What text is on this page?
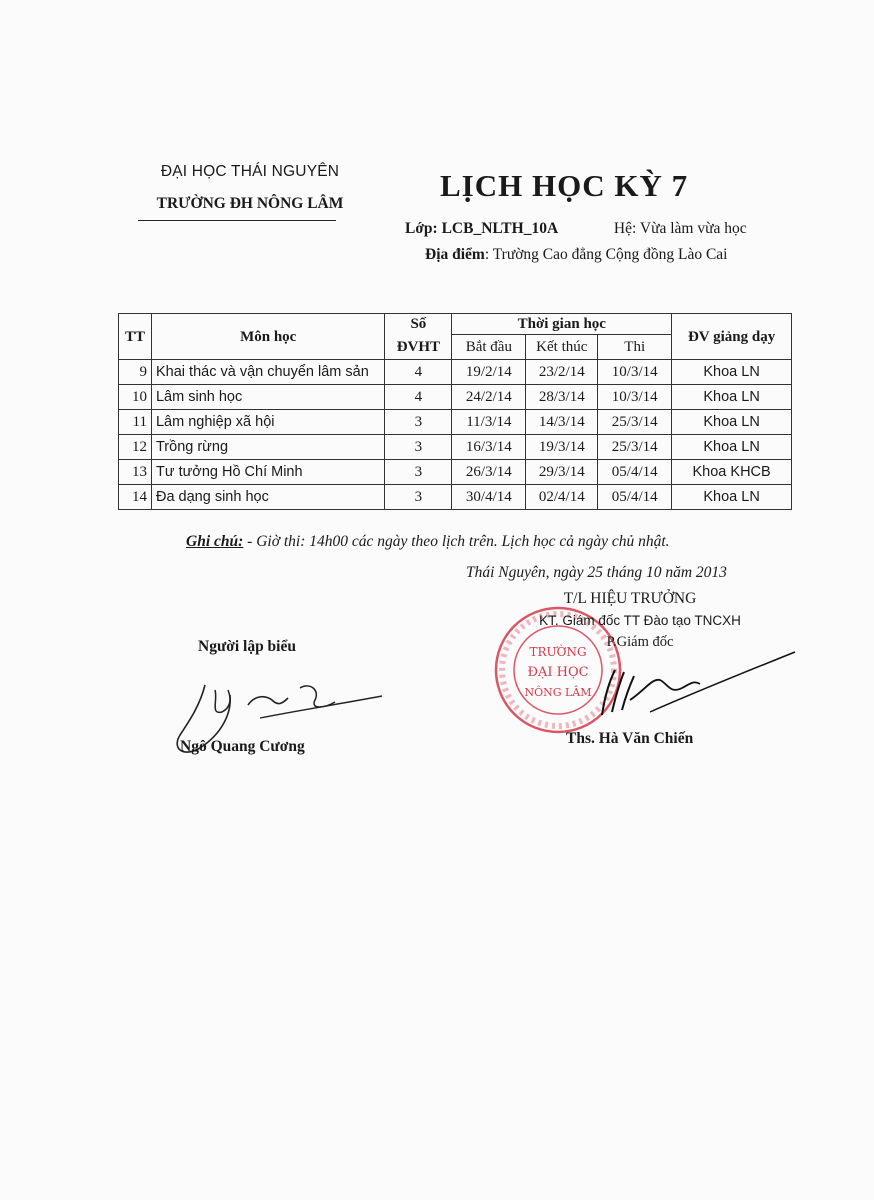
ĐẠI HỌC THÁI NGUYÊN
TRƯỜNG ĐH NÔNG LÂM
LỊCH HỌC KỲ 7
Lớp: LCB_NLTH_10A	Hệ: Vừa làm vừa học
Địa điểm: Trường Cao đẳng Cộng đồng Lào Cai
TT	Môn học	Số	Thời gian học			ĐV giảng dạy
		ĐVHT	Bắt đầu	Kết thúc	Thi	
9	Khai thác và vận chuyển lâm sản	4	19/2/14	23/2/14	10/3/14	Khoa LN
10	Lâm sinh học	4	24/2/14	28/3/14	10/3/14	Khoa LN
11	Lâm nghiệp xã hội	3	11/3/14	14/3/14	25/3/14	Khoa LN
12	Trồng rừng	3	16/3/14	19/3/14	25/3/14	Khoa LN
13	Tư tưởng Hồ Chí Minh	3	26/3/14	29/3/14	05/4/14	Khoa KHCB
14	Đa dạng sinh học	3	30/4/14	02/4/14	05/4/14	Khoa LN
Ghi chú: - Giờ thi: 14h00 các ngày theo lịch trên. Lịch học cả ngày chủ nhật.
Thái Nguyên, ngày 25 tháng 10 năm 2013
TRƯỜNG
ĐẠI HỌC
NÔNG LÂM
T/L HIỆU TRƯỞNG
KT. Giám đốc TT Đào tạo TNCXH
P.Giám đốc
Người lập biểu
Ngô Quang Cương	Ths. Hà Văn Chiến
